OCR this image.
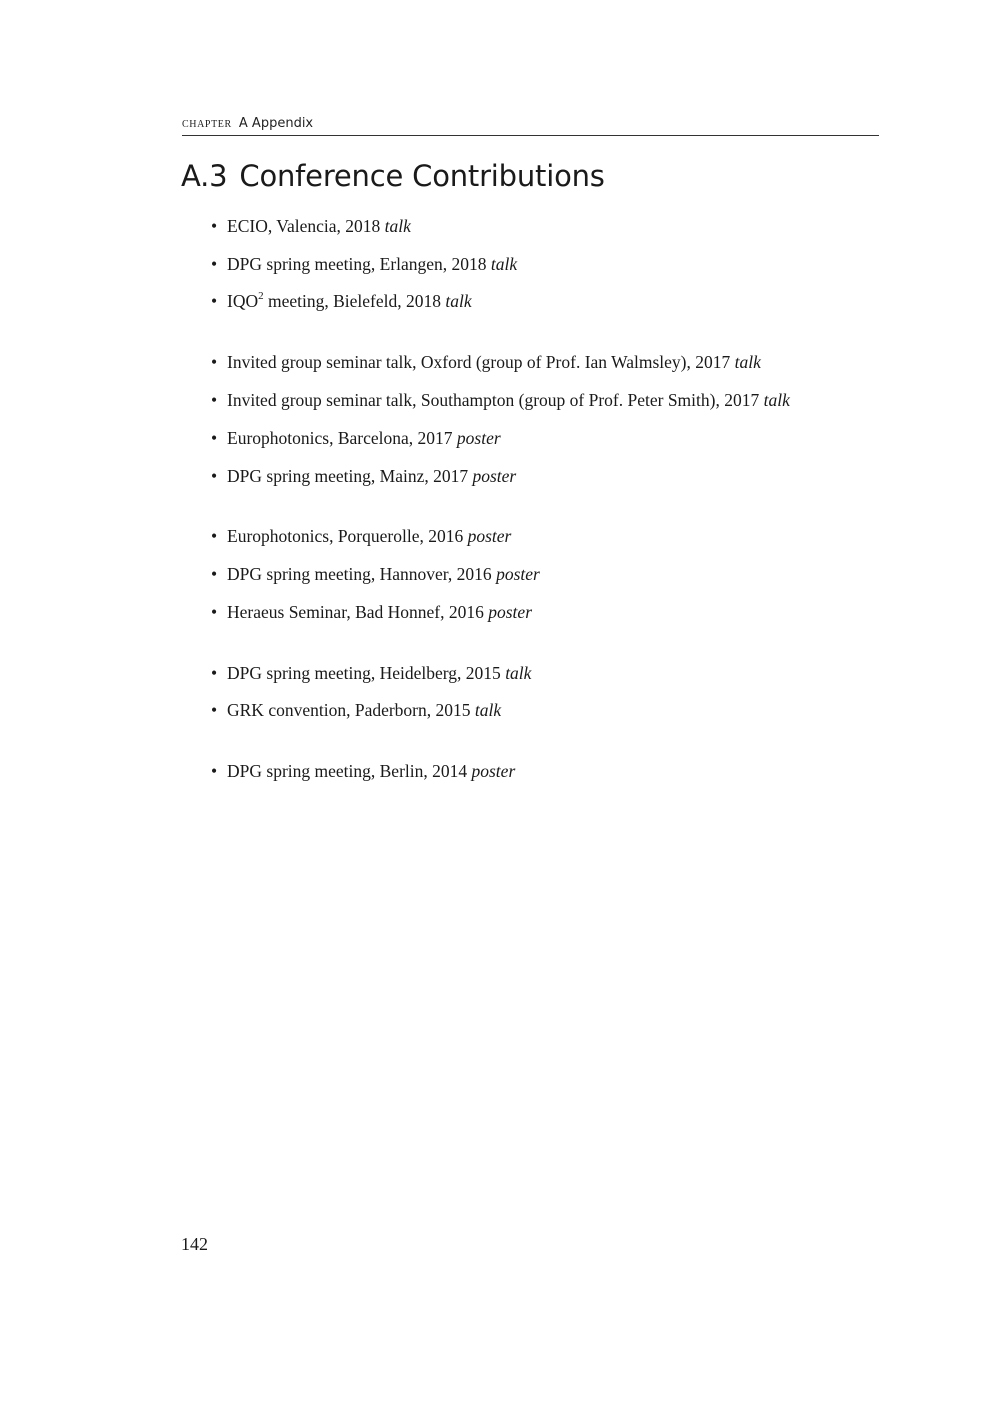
CHAPTER A Appendix
A.3 Conference Contributions
• ECIO, Valencia, 2018 talk
• DPG spring meeting, Erlangen, 2018 talk
• IQO$^2$ meeting, Bielefeld, 2018 talk
• Invited group seminar talk, Oxford (group of Prof. Ian Walmsley), 2017 talk
• Invited group seminar talk, Southampton (group of Prof. Peter Smith), 2017 talk
• Europhotonics, Barcelona, 2017 poster
• DPG spring meeting, Mainz, 2017 poster
• Europhotonics, Porquerolle, 2016 poster
• DPG spring meeting, Hannover, 2016 poster
• Heraeus Seminar, Bad Honnef, 2016 poster
• DPG spring meeting, Heidelberg, 2015 talk
• GRK convention, Paderborn, 2015 talk
• DPG spring meeting, Berlin, 2014 poster
142
